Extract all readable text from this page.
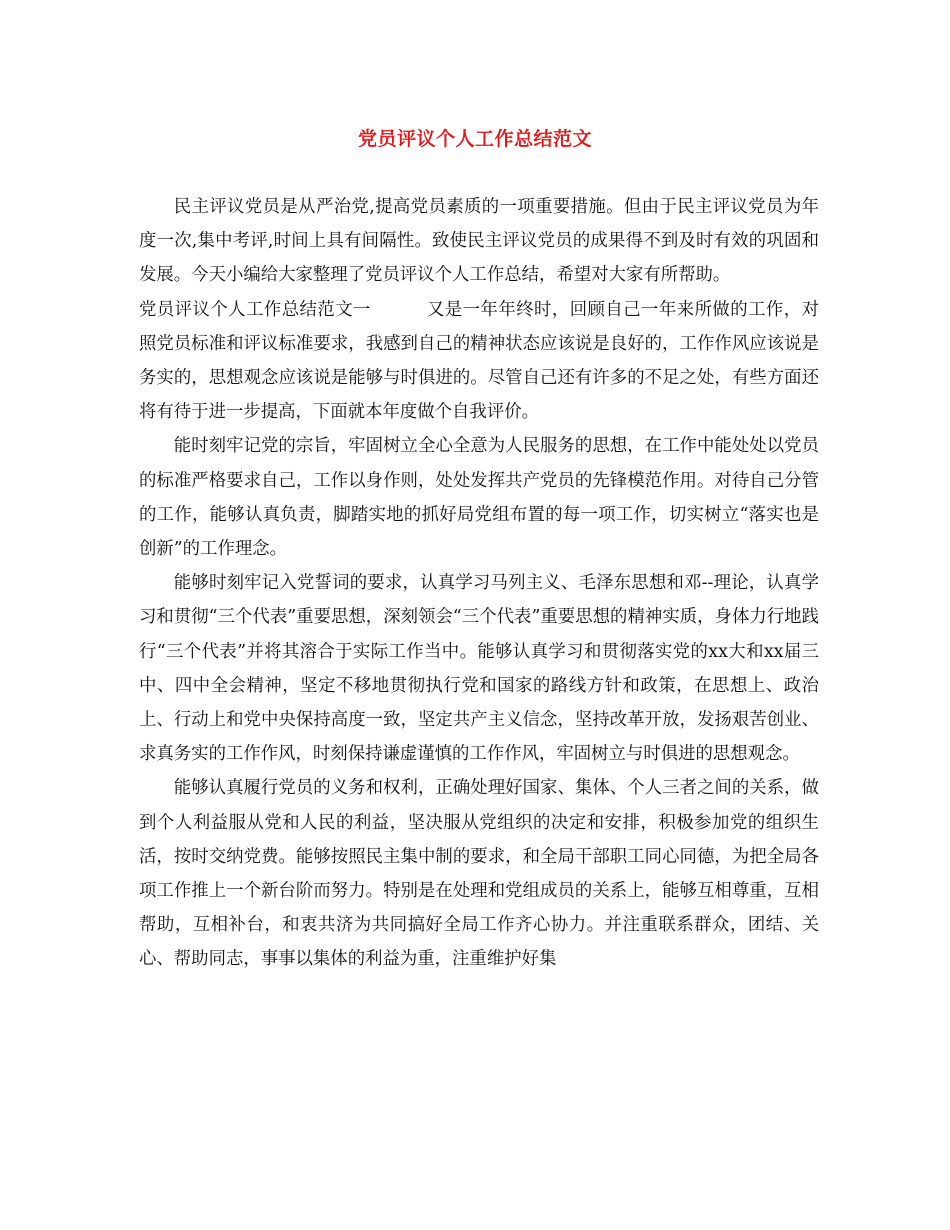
党员评议个人工作总结范文

民主评议党员是从严治党,提高党员素质的一项重要措施。但由于民主评议党员为年度一次,集中考评,时间上具有间隔性。致使民主评议党员的成果得不到及时有效的巩固和发展。今天小编给大家整理了党员评议个人工作总结，希望对大家有所帮助。

党员评议个人工作总结范文一	又是一年年终时，回顾自己一年来所做的工作，对照党员标准和评议标准要求，我感到自己的精神状态应该说是良好的，工作作风应该说是务实的，思想观念应该说是能够与时俱进的。尽管自己还有许多的不足之处，有些方面还将有待于进一步提高，下面就本年度做个自我评价。

能时刻牢记党的宗旨，牢固树立全心全意为人民服务的思想，在工作中能处处以党员的标准严格要求自己，工作以身作则，处处发挥共产党员的先锋模范作用。对待自己分管的工作，能够认真负责，脚踏实地的抓好局党组布置的每一项工作，切实树立“落实也是创新”的工作理念。

能够时刻牢记入党誓词的要求，认真学习马列主义、毛泽东思想和邓--理论，认真学习和贯彻“三个代表”重要思想，深刻领会“三个代表”重要思想的精神实质，身体力行地践行“三个代表”并将其溶合于实际工作当中。能够认真学习和贯彻落实党的xx大和xx届三中、四中全会精神，坚定不移地贯彻执行党和国家的路线方针和政策，在思想上、政治上、行动上和党中央保持高度一致，坚定共产主义信念，坚持改革开放，发扬艰苦创业、求真务实的工作作风，时刻保持谦虚谨慎的工作作风，牢固树立与时俱进的思想观念。

能够认真履行党员的义务和权利，正确处理好国家、集体、个人三者之间的关系，做到个人利益服从党和人民的利益，坚决服从党组织的决定和安排，积极参加党的组织生活，按时交纳党费。能够按照民主集中制的要求，和全局干部职工同心同德，为把全局各项工作推上一个新台阶而努力。特别是在处理和党组成员的关系上，能够互相尊重，互相帮助，互相补台，和衷共济为共同搞好全局工作齐心协力。并注重联系群众，团结、关心、帮助同志，事事以集体的利益为重，注重维护好集
